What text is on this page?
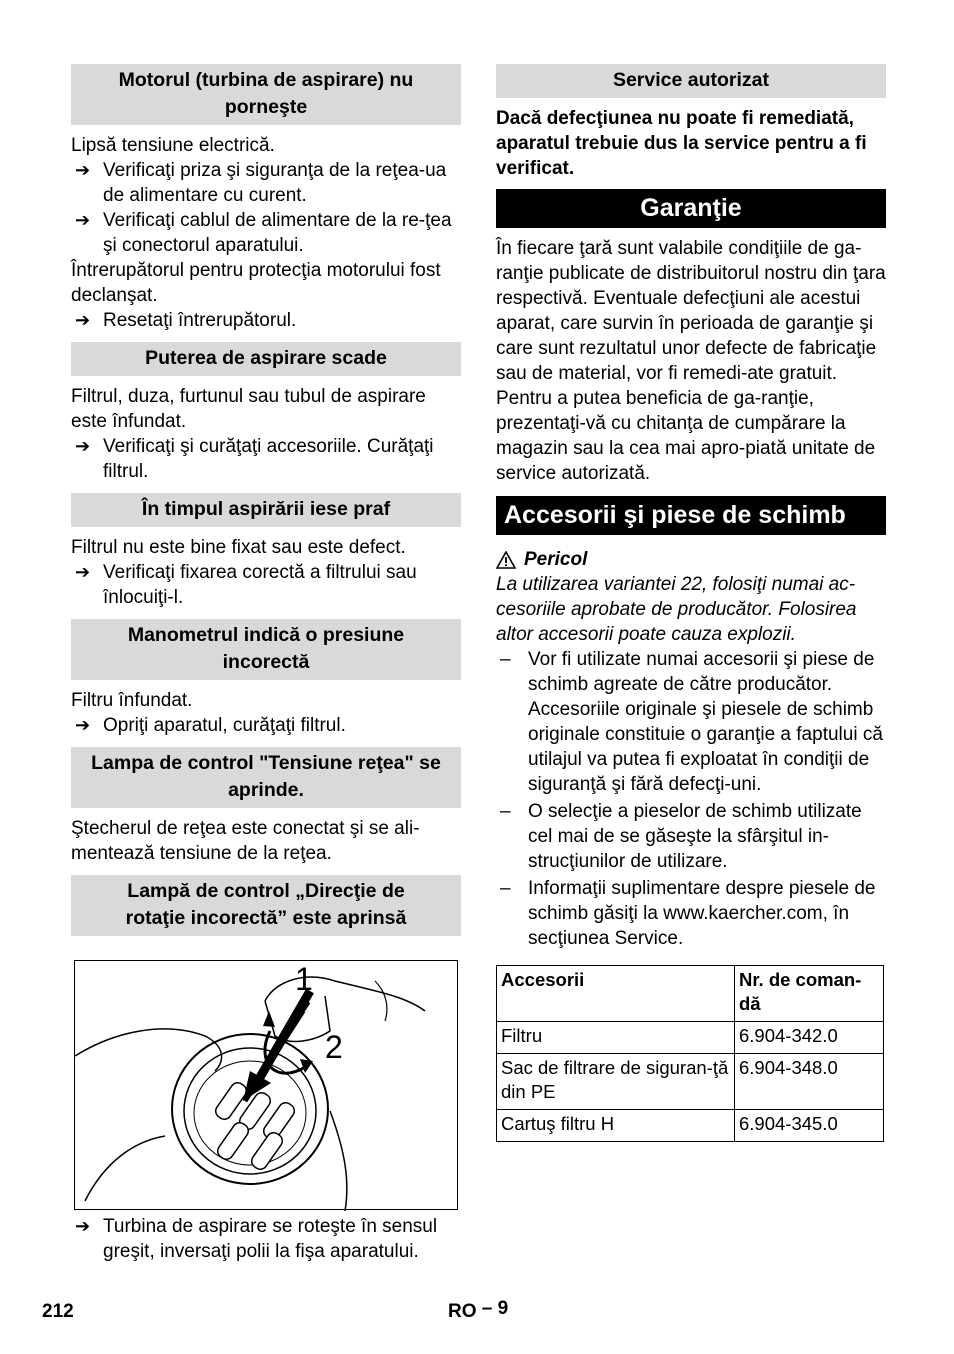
Motorul (turbina de aspirare) nu porneşte

Lipsă tensiune electrică.

➔ Verificaţi priza şi siguranţa de la reţea-ua de alimentare cu curent.
➔ Verificaţi cablul de alimentare de la re-ţea şi conectorul aparatului.

Întrerupătorul pentru protecţia motorului fost declanşat.

➔ Resetaţi întrerupătorul.
Puterea de aspirare scade

Filtrul, duza, furtunul sau tubul de aspirare este înfundat.

➔ Verificaţi şi curăţaţi accesoriile. Curăţaţi filtrul.
În timpul aspirării iese praf

Filtrul nu este bine fixat sau este defect.

➔ Verificaţi fixarea corectă a filtrului sau înlocuiţi-l.
Manometrul indică o presiune incorectă

Filtru înfundat.

➔ Opriţi aparatul, curăţaţi filtrul.
Lampa de control "Tensiune reţea" se aprinde.

Ştecherul de reţea este conectat şi se ali-mentează tensiune de la reţea.

Lampă de control „Direcţie de rotaţie incorectă” este aprinsă
1
2
➔ Turbina de aspirare se roteşte în sensul greşit, inversaţi polii la fişa aparatului.
Service autorizat

Dacă defecţiunea nu poate fi remediată, aparatul trebuie dus la service pentru a fi verificat.

Garanţie

În fiecare ţară sunt valabile condiţiile de ga-ranţie publicate de distribuitorul nostru din ţara respectivă. Eventuale defecţiuni ale acestui aparat, care survin în perioada de garanţie şi care sunt rezultatul unor defecte de fabricaţie sau de material, vor fi remedi-ate gratuit. Pentru a putea beneficia de ga-ranţie, prezentaţi-vă cu chitanţa de cumpărare la magazin sau la cea mai apro-piată unitate de service autorizată.

Accesorii şi piese de schimb
Pericol

La utilizarea variantei 22, folosiţi numai ac-cesoriile aprobate de producător. Folosirea altor accesorii poate cauza explozii.

– Vor fi utilizate numai accesorii şi piese de schimb agreate de către producător. Accesoriile originale şi piesele de schimb originale constituie o garanţie a faptului că utilajul va putea fi exploatat în condiţii de siguranţă şi fără defecţi-uni.
– O selecţie a pieselor de schimb utilizate cel mai de se găseşte la sfârşitul in-strucţiunilor de utilizare.
– Informaţii suplimentare despre piesele de schimb găsiţi la www.kaercher.com, în secţiunea Service.
Accesorii	Nr. de coman-dă
Filtru	6.904-342.0
Sac de filtrare de siguran-ţă din PE	6.904-348.0
Cartuş filtru H	6.904-345.0
212	RO – 9
